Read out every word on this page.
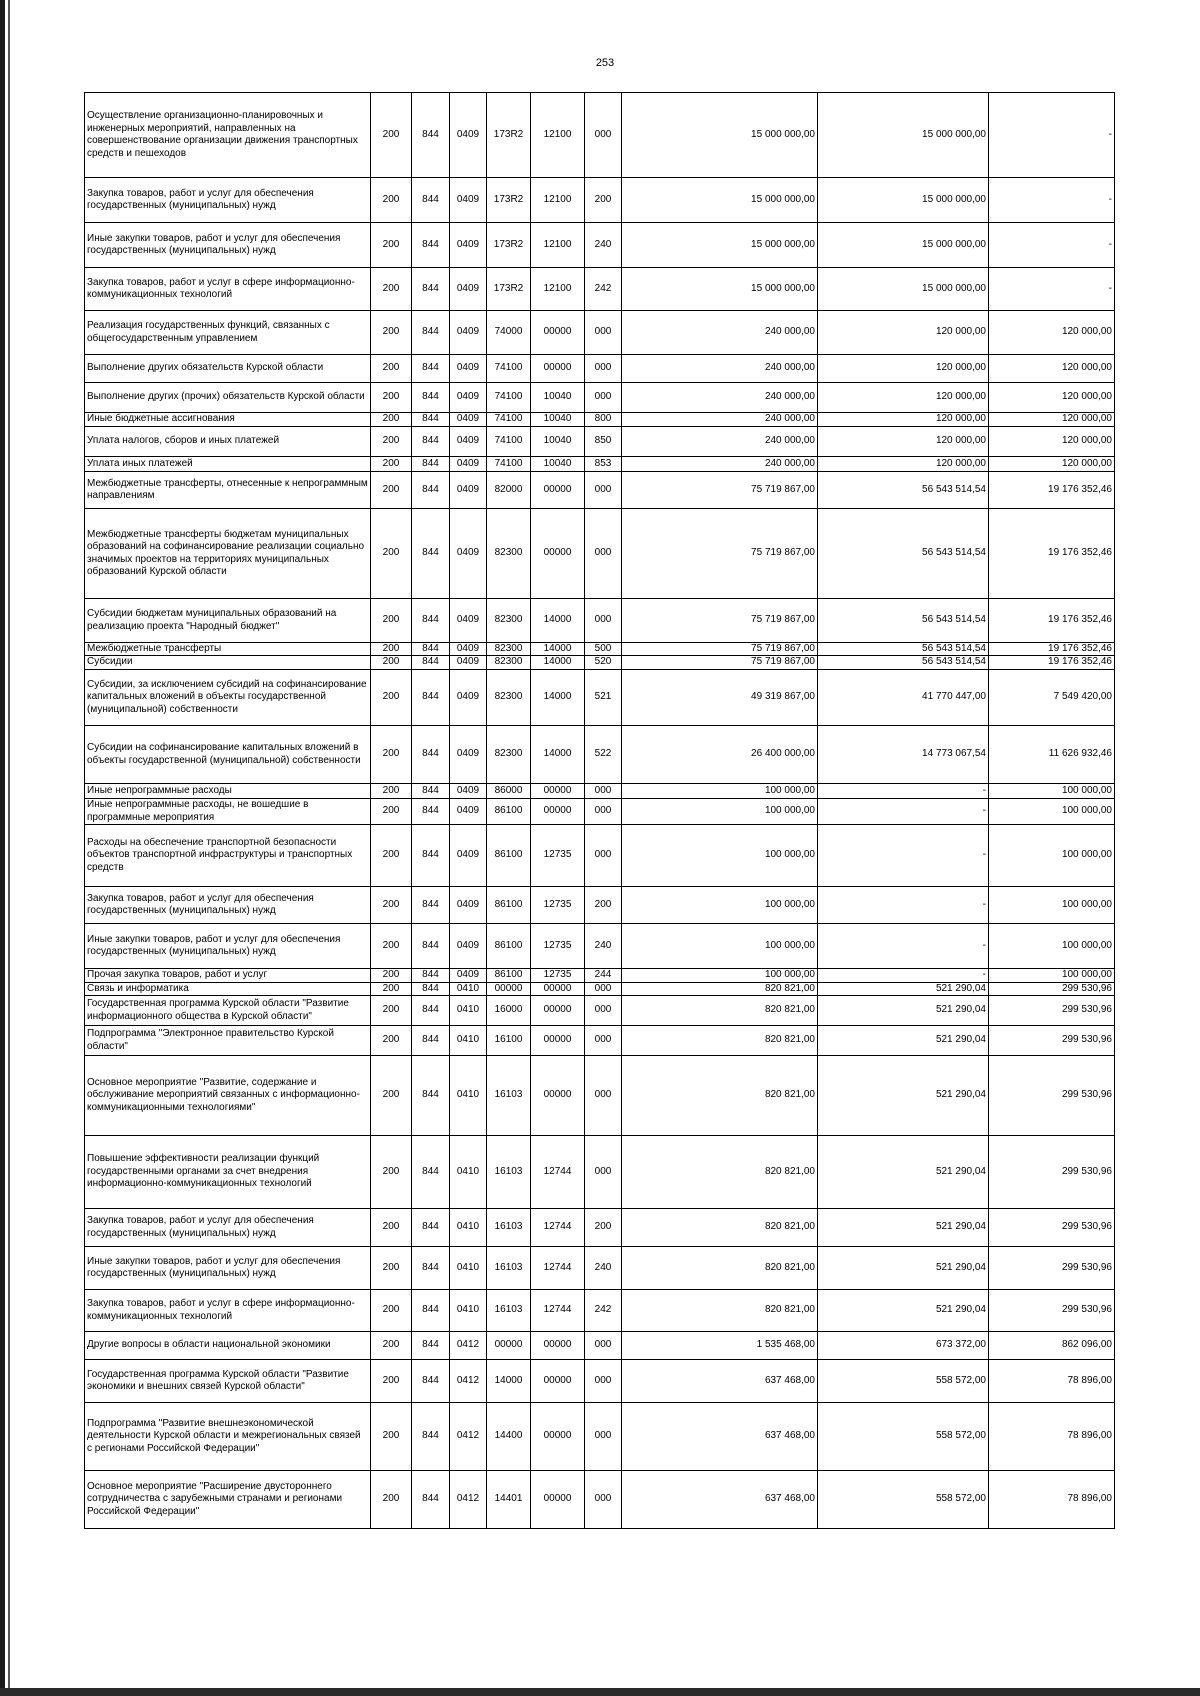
253
Осуществление организационно-планировочных и инженерных мероприятий, направленных на совершенствование организации движения транспортных средств и пешеходов	200	844	0409	173R2	12100	000	15 000 000,00	15 000 000,00	-
Закупка товаров, работ и услуг для обеспечения государственных (муниципальных) нужд	200	844	0409	173R2	12100	200	15 000 000,00	15 000 000,00	-
Иные закупки товаров, работ и услуг для обеспечения государственных (муниципальных) нужд	200	844	0409	173R2	12100	240	15 000 000,00	15 000 000,00	-
Закупка товаров, работ и услуг в сфере информационно-коммуникационных технологий	200	844	0409	173R2	12100	242	15 000 000,00	15 000 000,00	-
Реализация государственных функций, связанных с общегосударственным управлением	200	844	0409	74000	00000	000	240 000,00	120 000,00	120 000,00
Выполнение других обязательств Курской области	200	844	0409	74100	00000	000	240 000,00	120 000,00	120 000,00
Выполнение других (прочих) обязательств Курской области	200	844	0409	74100	10040	000	240 000,00	120 000,00	120 000,00
Иные бюджетные ассигнования	200	844	0409	74100	10040	800	240 000,00	120 000,00	120 000,00
Уплата налогов, сборов и иных платежей	200	844	0409	74100	10040	850	240 000,00	120 000,00	120 000,00
Уплата иных платежей	200	844	0409	74100	10040	853	240 000,00	120 000,00	120 000,00
Межбюджетные трансферты, отнесенные к непрограммным направлениям	200	844	0409	82000	00000	000	75 719 867,00	56 543 514,54	19 176 352,46
Межбюджетные трансферты бюджетам муниципальных образований на софинансирование реализации социально значимых проектов на территориях муниципальных образований Курской области	200	844	0409	82300	00000	000	75 719 867,00	56 543 514,54	19 176 352,46
Субсидии бюджетам муниципальных образований на реализацию проекта "Народный бюджет"	200	844	0409	82300	14000	000	75 719 867,00	56 543 514,54	19 176 352,46
Межбюджетные трансферты	200	844	0409	82300	14000	500	75 719 867,00	56 543 514,54	19 176 352,46
Субсидии	200	844	0409	82300	14000	520	75 719 867,00	56 543 514,54	19 176 352,46
Субсидии, за исключением субсидий на софинансирование капитальных вложений в объекты государственной (муниципальной) собственности	200	844	0409	82300	14000	521	49 319 867,00	41 770 447,00	7 549 420,00
Субсидии на софинансирование капитальных вложений в объекты государственной (муниципальной) собственности	200	844	0409	82300	14000	522	26 400 000,00	14 773 067,54	11 626 932,46
Иные непрограммные расходы	200	844	0409	86000	00000	000	100 000,00	-	100 000,00
Иные непрограммные расходы, не вошедшие в программные мероприятия	200	844	0409	86100	00000	000	100 000,00	-	100 000,00
Расходы на обеспечение транспортной безопасности объектов транспортной инфраструктуры и транспортных средств	200	844	0409	86100	12735	000	100 000,00	-	100 000,00
Закупка товаров, работ и услуг для обеспечения государственных (муниципальных) нужд	200	844	0409	86100	12735	200	100 000,00	-	100 000,00
Иные закупки товаров, работ и услуг для обеспечения государственных (муниципальных) нужд	200	844	0409	86100	12735	240	100 000,00	-	100 000,00
Прочая закупка товаров, работ и услуг	200	844	0409	86100	12735	244	100 000,00	-	100 000,00
Связь и информатика	200	844	0410	00000	00000	000	820 821,00	521 290,04	299 530,96
Государственная программа Курской области "Развитие информационного общества в Курской области"	200	844	0410	16000	00000	000	820 821,00	521 290,04	299 530,96
Подпрограмма "Электронное правительство Курской области"	200	844	0410	16100	00000	000	820 821,00	521 290,04	299 530,96
Основное мероприятие "Развитие, содержание и обслуживание мероприятий связанных с информационно-коммуникационными технологиями"	200	844	0410	16103	00000	000	820 821,00	521 290,04	299 530,96
Повышение эффективности реализации функций государственными органами за счет внедрения информационно-коммуникационных технологий	200	844	0410	16103	12744	000	820 821,00	521 290,04	299 530,96
Закупка товаров, работ и услуг для обеспечения государственных (муниципальных) нужд	200	844	0410	16103	12744	200	820 821,00	521 290,04	299 530,96
Иные закупки товаров, работ и услуг для обеспечения государственных (муниципальных) нужд	200	844	0410	16103	12744	240	820 821,00	521 290,04	299 530,96
Закупка товаров, работ и услуг в сфере информационно-коммуникационных технологий	200	844	0410	16103	12744	242	820 821,00	521 290,04	299 530,96
Другие вопросы в области национальной экономики	200	844	0412	00000	00000	000	1 535 468,00	673 372,00	862 096,00
Государственная программа Курской области "Развитие экономики и внешних связей Курской области"	200	844	0412	14000	00000	000	637 468,00	558 572,00	78 896,00
Подпрограмма "Развитие внешнеэкономической деятельности Курской области и межрегиональных связей с регионами Российской Федерации"	200	844	0412	14400	00000	000	637 468,00	558 572,00	78 896,00
Основное мероприятие "Расширение двустороннего сотрудничества с зарубежными странами и регионами Российской Федерации"	200	844	0412	14401	00000	000	637 468,00	558 572,00	78 896,00
